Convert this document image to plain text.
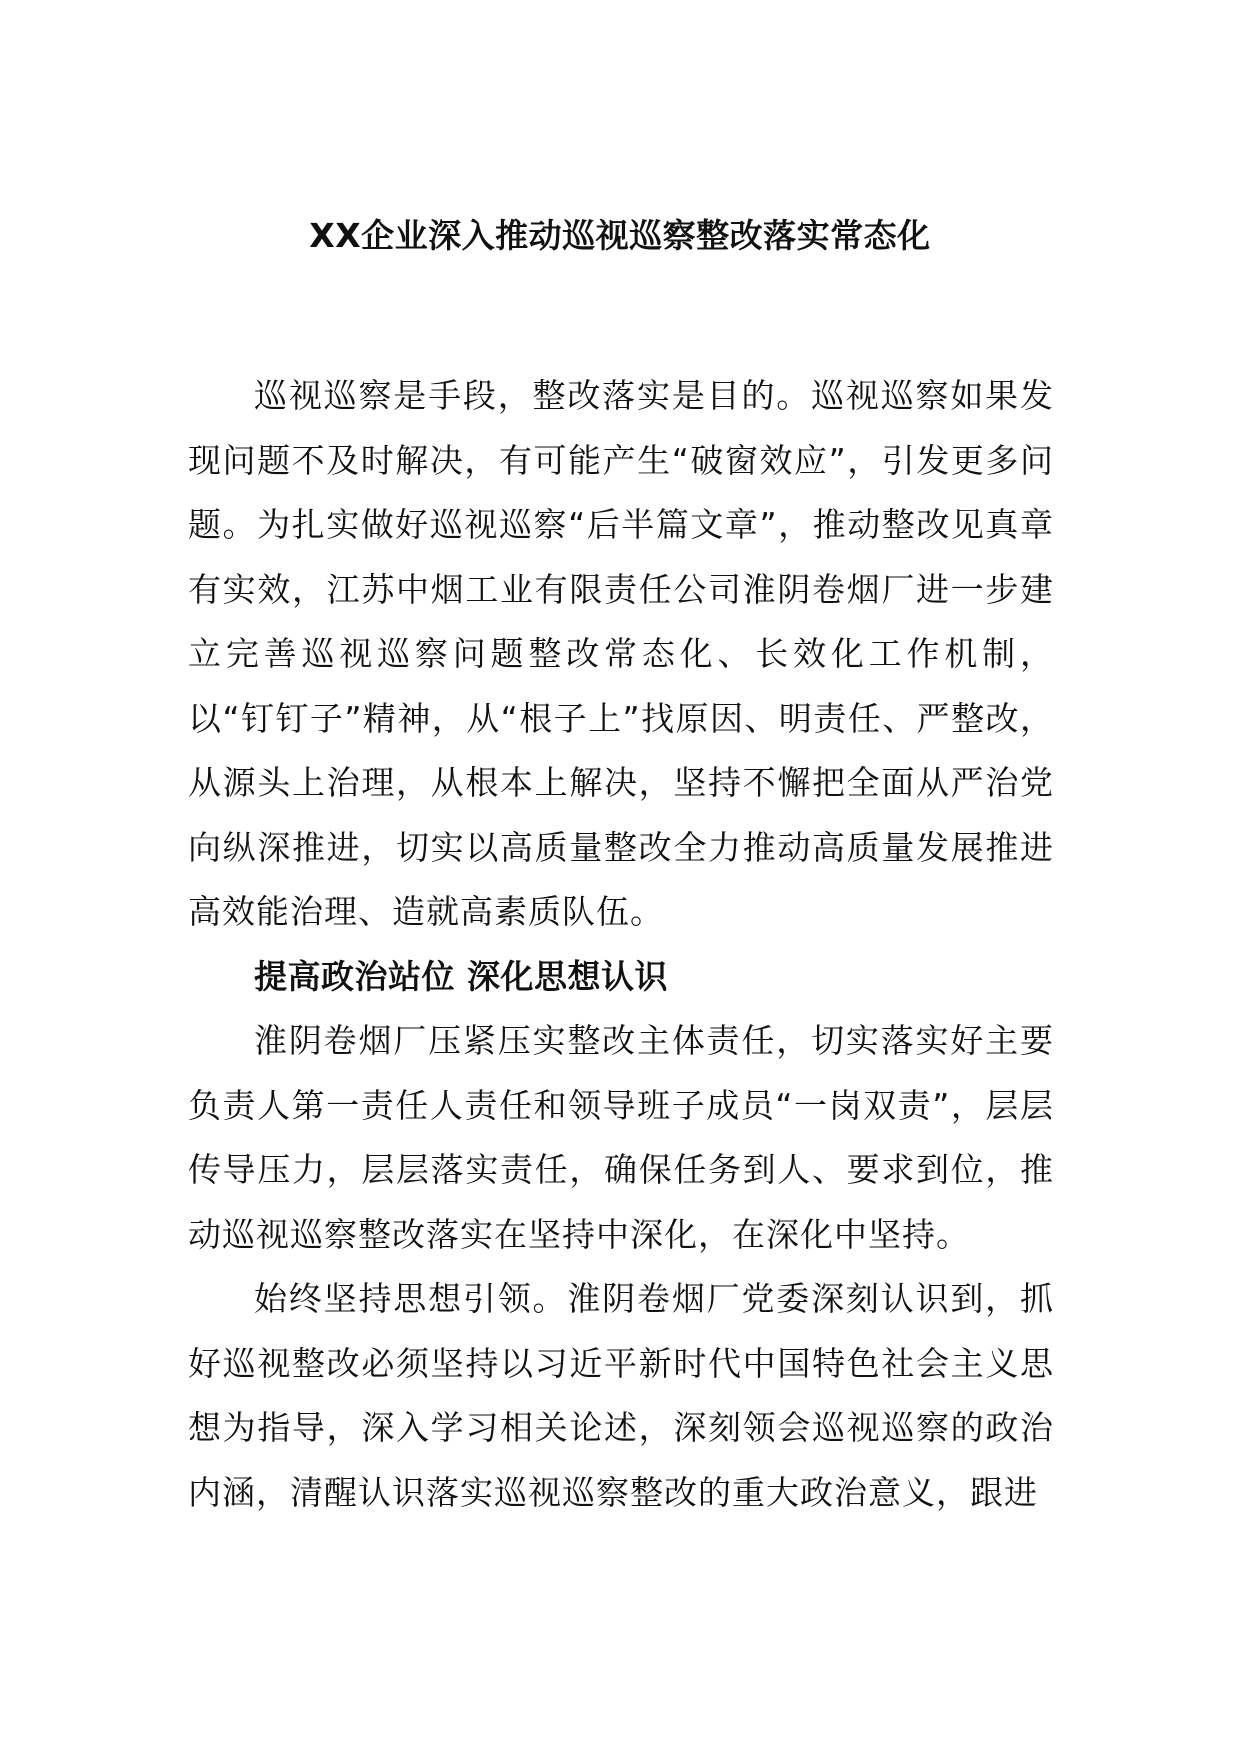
XX企业深入推动巡视巡察整改落实常态化

巡视巡察是手段，整改落实是目的。巡视巡察如果发现问题不及时解决，有可能产生“破窗效应”，引发更多问题。为扎实做好巡视巡察“后半篇文章”，推动整改见真章有实效，江苏中烟工业有限责任公司淮阴卷烟厂进一步建立完善巡视巡察问题整改常态化、长效化工作机制，以“钉钉子”精神，从“根子上”找原因、明责任、严整改，从源头上治理，从根本上解决，坚持不懈把全面从严治党向纵深推进，切实以高质量整改全力推动高质量发展推进高效能治理、造就高素质队伍。

提高政治站位 深化思想认识

淮阴卷烟厂压紧压实整改主体责任，切实落实好主要负责人第一责任人责任和领导班子成员“一岗双责”，层层传导压力，层层落实责任，确保任务到人、要求到位，推动巡视巡察整改落实在坚持中深化，在深化中坚持。

始终坚持思想引领。淮阴卷烟厂党委深刻认识到，抓好巡视整改必须坚持以习近平新时代中国特色社会主义思想为指导，深入学习相关论述，深刻领会巡视巡察的政治内涵，清醒认识落实巡视巡察整改的重大政治意义，跟进
